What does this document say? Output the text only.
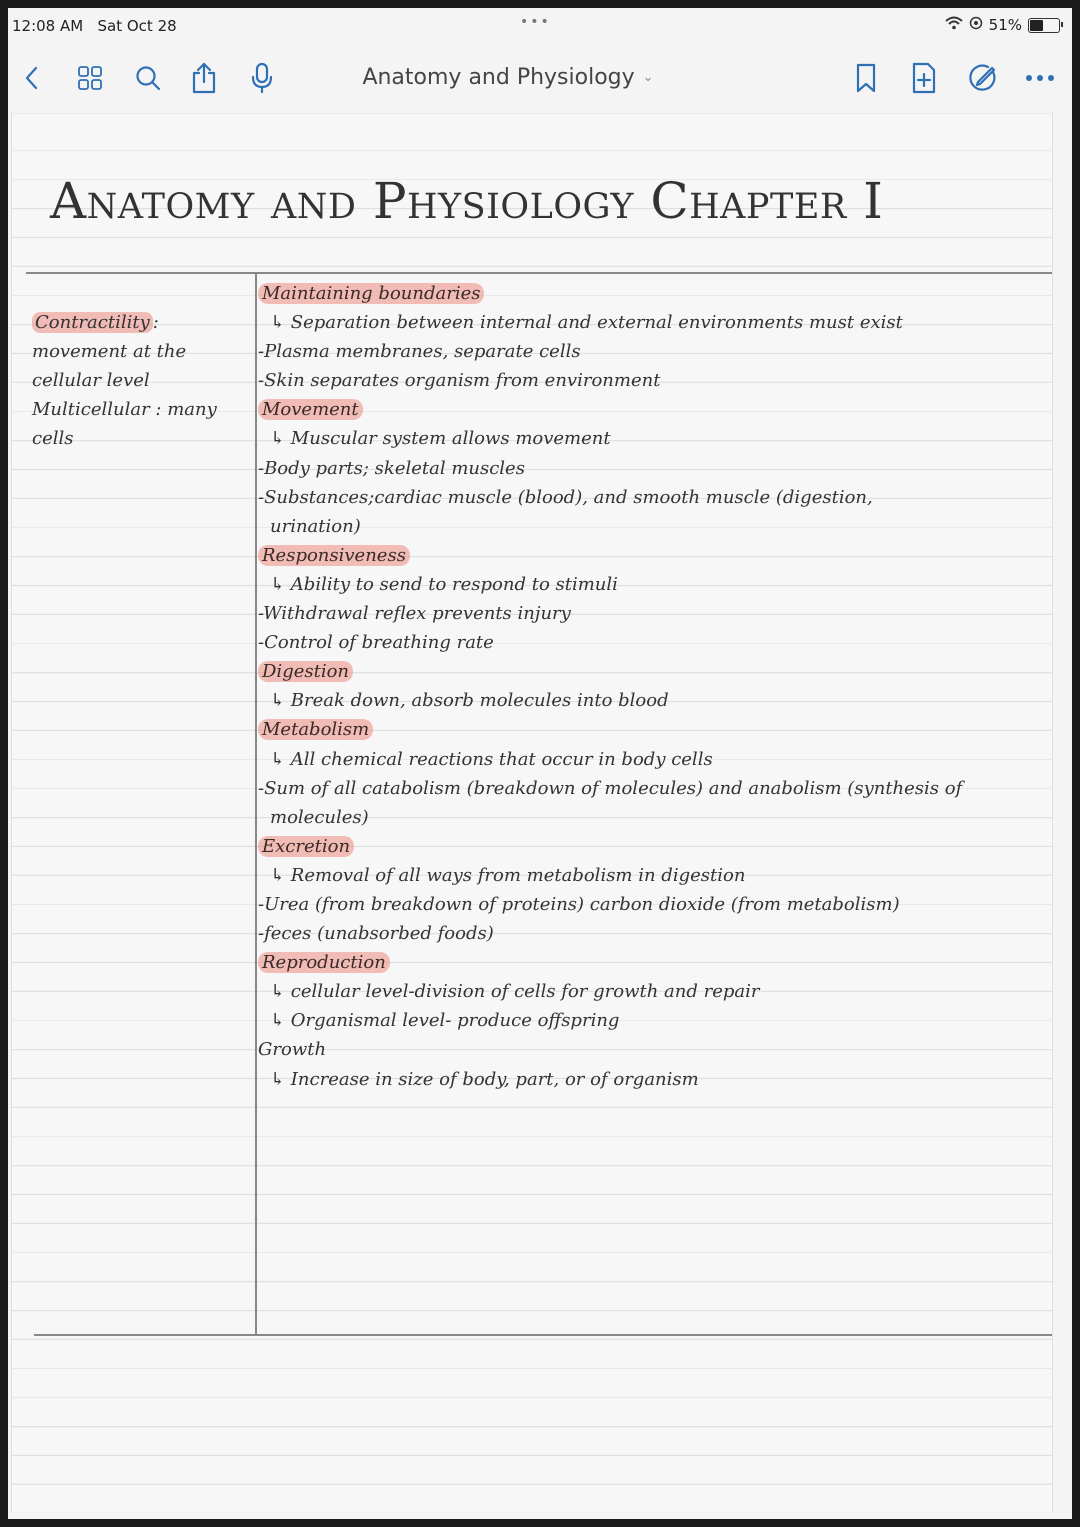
12:08 AM Sat Oct 28	•••	51%
Anatomy and Physiology ⌄
Anatomy and Physiology Chapter I
Contractility :
movement at the
cellular level
Multicellular : many
cells
Maintaining boundaries
↳ Separation between internal and external environments must exist
-Plasma membranes, separate cells
-Skin separates organism from environment
Movement
↳ Muscular system allows movement
-Body parts; skeletal muscles
-Substances;cardiac muscle (blood), and smooth muscle (digestion,
urination)
Responsiveness
↳ Ability to send to respond to stimuli
-Withdrawal reflex prevents injury
-Control of breathing rate
Digestion
↳ Break down, absorb molecules into blood
Metabolism
↳ All chemical reactions that occur in body cells
-Sum of all catabolism (breakdown of molecules) and anabolism (synthesis of
molecules)
Excretion
↳ Removal of all ways from metabolism in digestion
-Urea (from breakdown of proteins) carbon dioxide (from metabolism)
-feces (unabsorbed foods)
Reproduction
↳ cellular level-division of cells for growth and repair
↳ Organismal level- produce offspring
Growth
↳ Increase in size of body, part, or of organism
